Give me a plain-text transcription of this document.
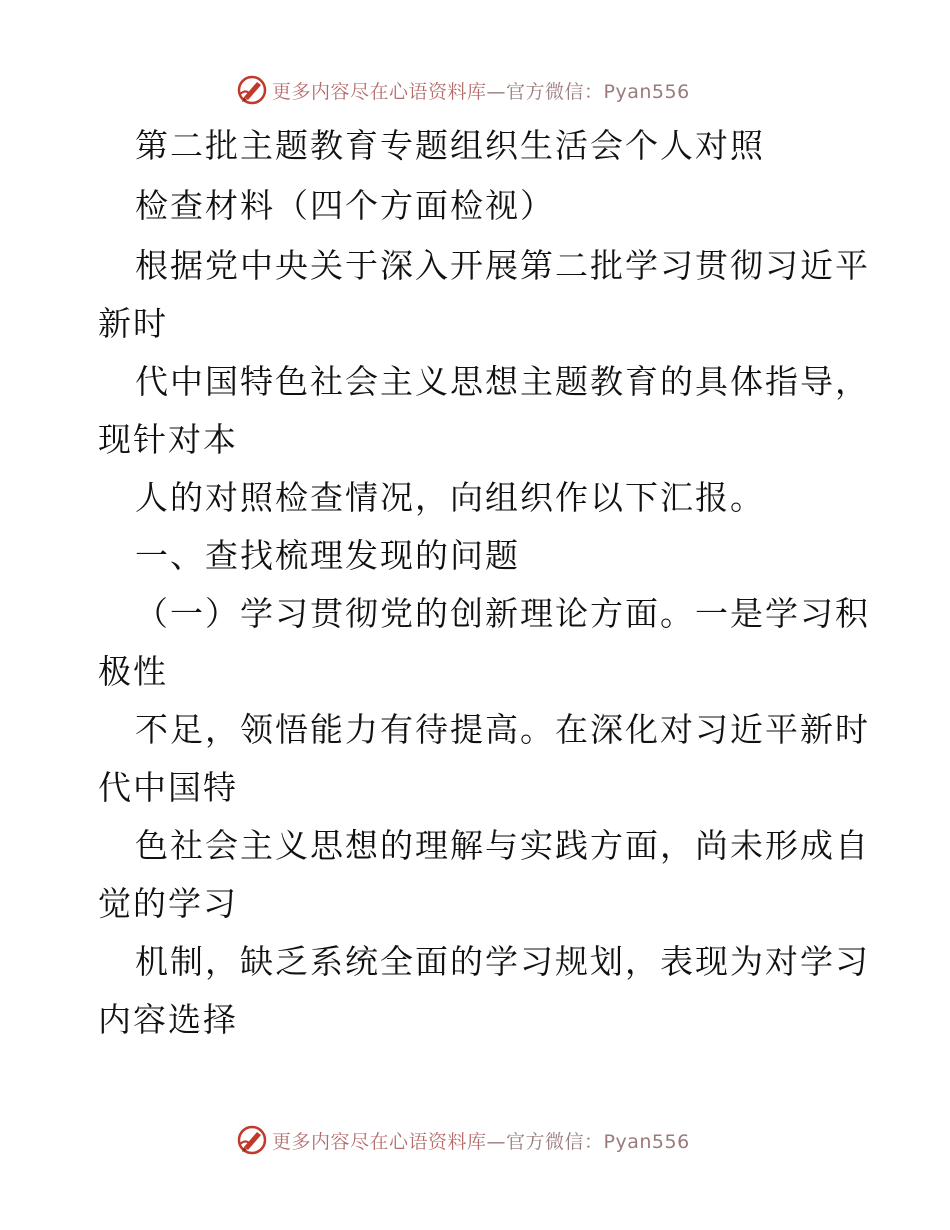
更多内容尽在心语资料库 —官方微信：Pyan556
第二批主题教育专题组织生活会个人对照
检查材料（四个方面检视）
根据党中央关于深入开展第二批学习贯彻习近平
新时
代中国特色社会主义思想主题教育的具体指导，
现针对本
人的对照检查情况，向组织作以下汇报。
一、查找梳理发现的问题
（一）学习贯彻党的创新理论方面。一是学习积
极性
不足，领悟能力有待提高。在深化对习近平新时
代中国特
色社会主义思想的理解与实践方面，尚未形成自
觉的学习
机制，缺乏系统全面的学习规划，表现为对学习
内容选择
更多内容尽在心语资料库 —官方微信：Pyan556
